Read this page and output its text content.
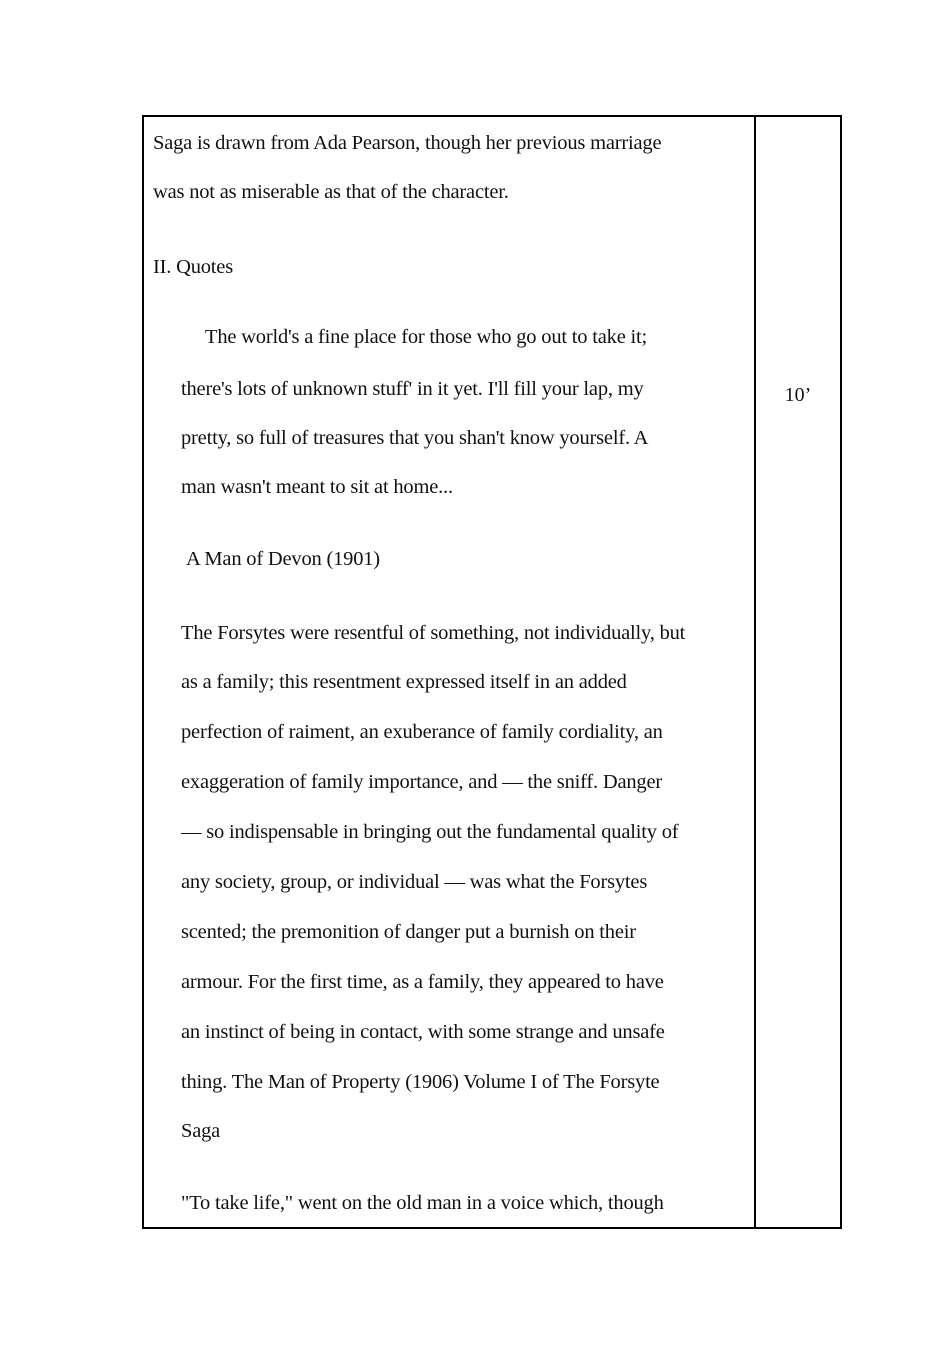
Saga is drawn from Ada Pearson, though her previous marriage
was not as miserable as that of the character.
II. Quotes
The world's a fine place for those who go out to take it;
there's lots of unknown stuff' in it yet. I'll fill your lap, my
pretty, so full of treasures that you shan't know yourself. A
man wasn't meant to sit at home...
A Man of Devon (1901)
The Forsytes were resentful of something, not individually, but
as a family; this resentment expressed itself in an added
perfection of raiment, an exuberance of family cordiality, an
exaggeration of family importance, and — the sniff. Danger
— so indispensable in bringing out the fundamental quality of
any society, group, or individual — was what the Forsytes
scented; the premonition of danger put a burnish on their
armour. For the first time, as a family, they appeared to have
an instinct of being in contact, with some strange and unsafe
thing. The Man of Property (1906) Volume I of The Forsyte
Saga
"To take life," went on the old man in a voice which, though
10’
